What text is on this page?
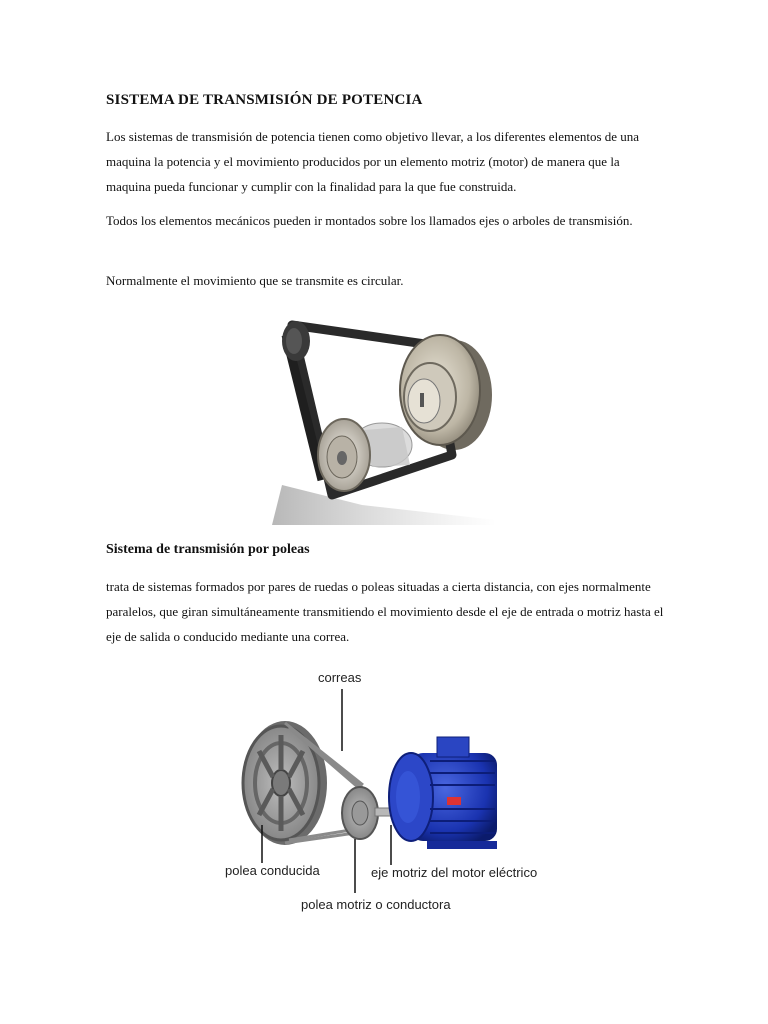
SISTEMA DE TRANSMISIÓN DE POTENCIA

Los sistemas de transmisión de potencia tienen como objetivo llevar, a los diferentes elementos de una maquina la potencia y el movimiento producidos por un elemento motriz (motor) de manera que la maquina pueda funcionar y cumplir con la finalidad para la que fue construida.

Todos los elementos mecánicos pueden ir montados sobre los llamados ejes o arboles de transmisión.

Normalmente el movimiento que se transmite es circular.

Sistema de transmisión por poleas

trata de sistemas formados por pares de ruedas o poleas situadas a cierta distancia, con ejes normalmente paralelos, que giran simultáneamente transmitiendo el movimiento desde el eje de entrada o motriz hasta el eje de salida o conducido mediante una correa.

correas
polea conducida	eje motriz del motor eléctrico
polea motriz o conductora
